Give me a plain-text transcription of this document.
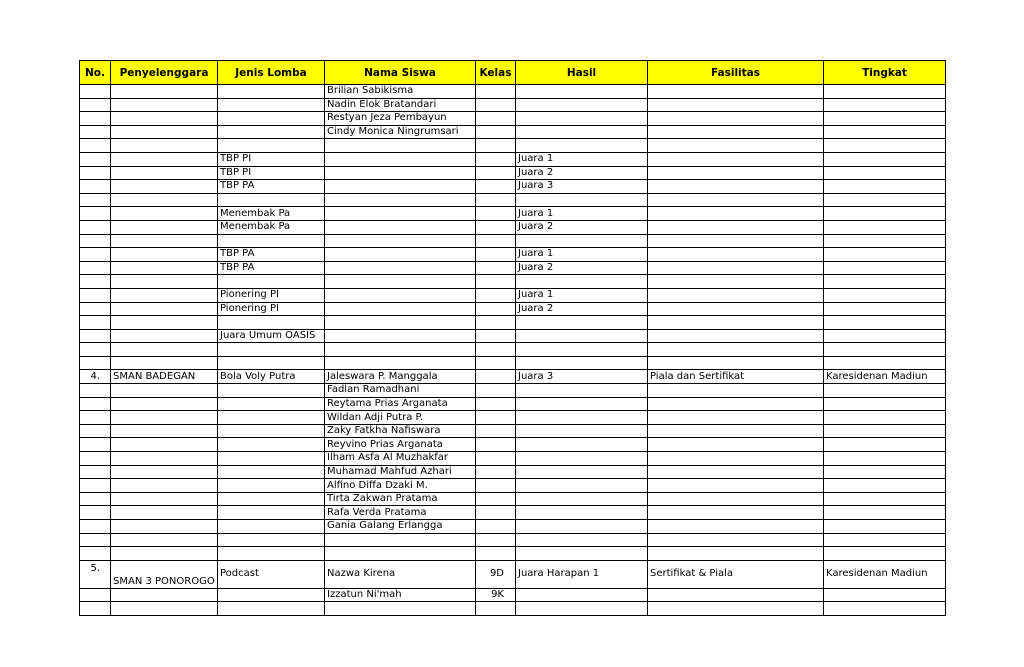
No.	Penyelenggara	Jenis Lomba	Nama Siswa	Kelas	Hasil	Fasilitas	Tingkat
			Brilian Sabikisma				
			Nadin Elok Bratandari				
			Restyan Jeza Pembayun				
			Cindy Monica Ningrumsari				

		TBP PI			Juara 1		
		TBP PI			Juara 2		
		TBP PA			Juara 3		

		Menembak Pa			Juara 1		
		Menembak Pa			Juara 2		

		TBP PA			Juara 1		
		TBP PA			Juara 2		

		Pionering PI			Juara 1		
		Pionering PI			Juara 2		

		Juara Umum OASIS					

4.	SMAN BADEGAN	Bola Voly Putra	Jaleswara P. Manggala		Juara 3	Piala dan Sertifikat	Karesidenan Madiun
			Fadlan Ramadhani				
			Reytama Prias Arganata				
			Wildan Adji Putra P.				
			Zaky Fatkha Nafiswara				
			Reyvino Prias Arganata				
			Ilham Asfa Al Muzhakfar				
			Muhamad Mahfud Azhari				
			Alfino Diffa Dzaki M.				
			Tirta Zakwan Pratama				
			Rafa Verda Pratama				
			Gania Galang Erlangga				

5.	SMAN 3 PONOROGO	Podcast	Nazwa Kirena	9D	Juara Harapan 1	Sertifikat & Piala	Karesidenan Madiun
			Izzatun Ni'mah	9K			
